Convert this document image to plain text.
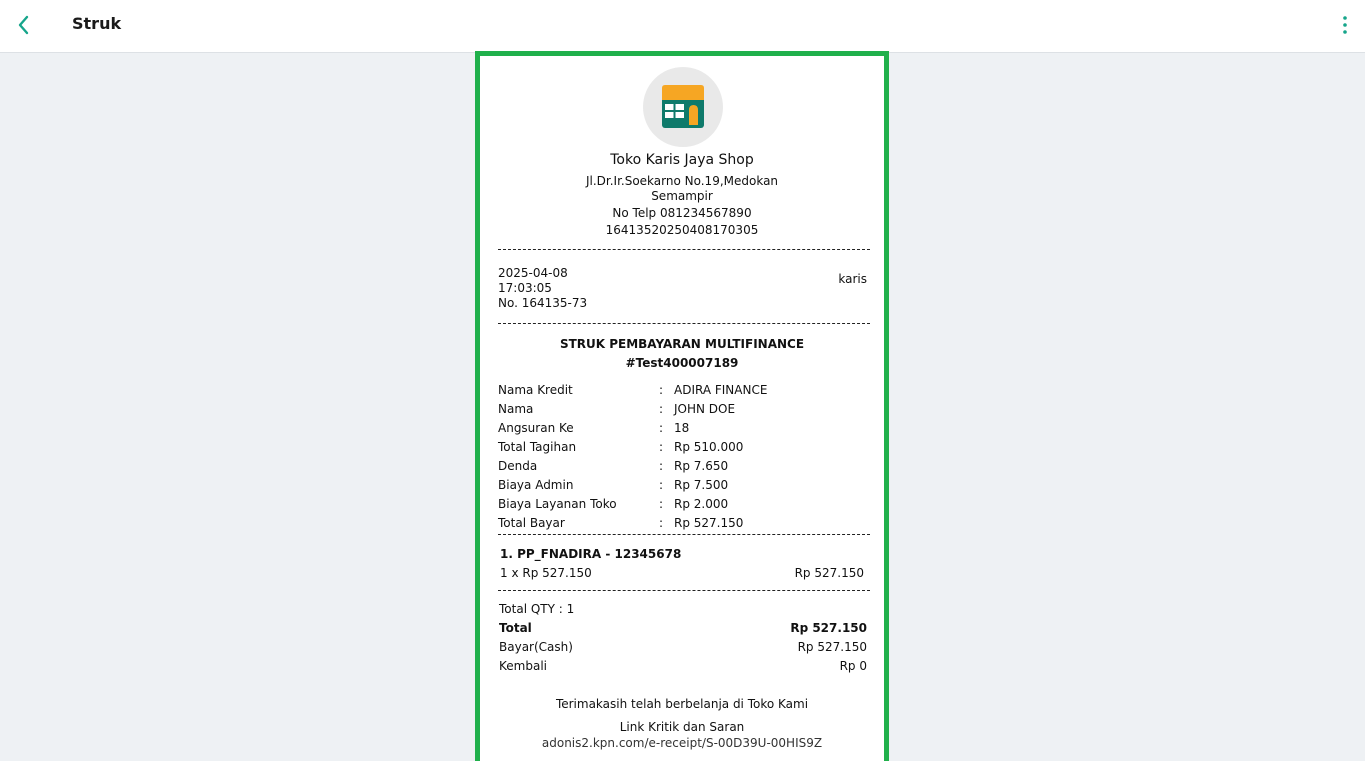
Struk
Toko Karis Jaya Shop
Jl.Dr.Ir.Soekarno No.19,Medokan
Semampir
No Telp 081234567890
16413520250408170305
2025-04-08
17:03:05
No. 164135-73
karis
STRUK PEMBAYARAN MULTIFINANCE
#Test400007189
Nama Kredit	: ADIRA FINANCE
Nama	: JOHN DOE
Angsuran Ke	: 18
Total Tagihan	: Rp 510.000
Denda	: Rp 7.650
Biaya Admin	: Rp 7.500
Biaya Layanan Toko	: Rp 2.000
Total Bayar	: Rp 527.150
1. PP_FNADIRA - 12345678
1 x Rp 527.150	Rp 527.150
Total QTY : 1
Total	Rp 527.150
Bayar(Cash)	Rp 527.150
Kembali	Rp 0
Terimakasih telah berbelanja di Toko Kami
Link Kritik dan Saran
adonis2.kpn.com/e-receipt/S-00D39U-00HIS9Z
